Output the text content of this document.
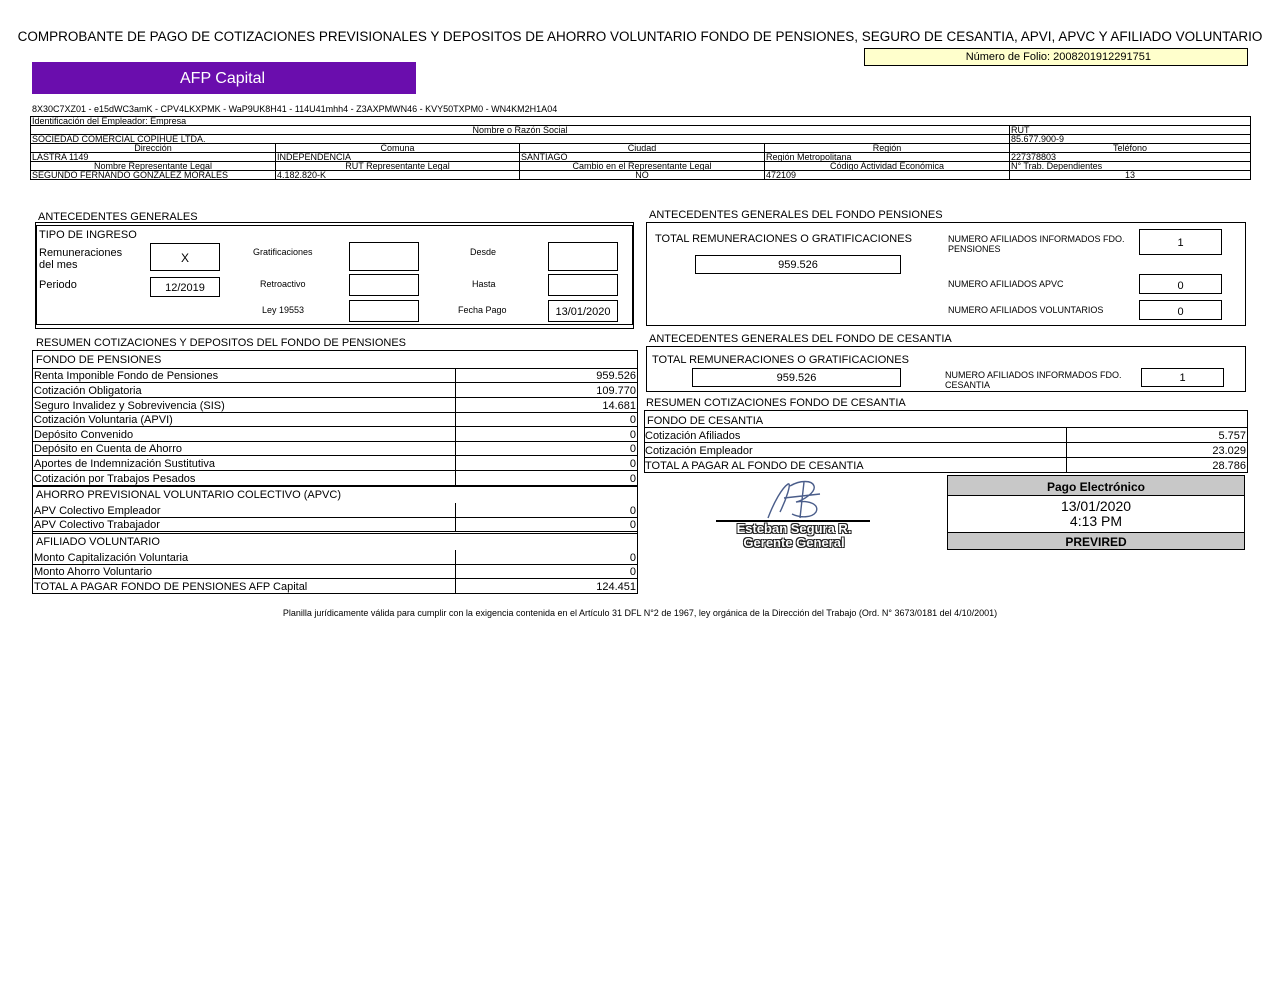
COMPROBANTE DE PAGO DE COTIZACIONES PREVISIONALES Y DEPOSITOS DE AHORRO VOLUNTARIO FONDO DE PENSIONES, SEGURO DE CESANTIA, APVI, APVC Y AFILIADO VOLUNTARIO
Número de Folio: 2008201912291751
AFP Capital
8X30C7XZ01 - e15dWC3amK - CPV4LKXPMK - WaP9UK8H41 - 114U41mhh4 - Z3AXPMWN46 - KVY50TXPM0 - WN4KM2H1A04
Identificación del Empleador: Empresa
Nombre o Razón Social	RUT
SOCIEDAD COMERCIAL COPIHUE LTDA.	85.677.900-9
Dirección	Comuna	Ciudad	Región	Teléfono
LASTRA 1149	INDEPENDENCIA	SANTIAGO	Región Metropolitana	227378803
Nombre Representante Legal	RUT Representante Legal	Cambio en el Representante Legal	Código Actividad Económica	N° Trab. Dependientes
SEGUNDO FERNANDO GONZALEZ MORALES	4.182.820-K	NO	472109	13
ANTECEDENTES GENERALES
TIPO DE INGRESO
Remuneraciones del mes	X	Gratificaciones	Desde
Periodo	12/2019	Retroactivo	Hasta
Ley 19553	Fecha Pago	13/01/2020
ANTECEDENTES GENERALES DEL FONDO PENSIONES
TOTAL REMUNERACIONES O GRATIFICACIONES
959.526
NUMERO AFILIADOS INFORMADOS FDO. PENSIONES	1
NUMERO AFILIADOS APVC	0
NUMERO AFILIADOS VOLUNTARIOS	0
RESUMEN COTIZACIONES Y DEPOSITOS DEL FONDO DE PENSIONES
FONDO DE PENSIONES
Renta Imponible Fondo de Pensiones	959.526
Cotización Obligatoria	109.770
Seguro Invalidez y Sobrevivencia (SIS)	14.681
Cotización Voluntaria (APVI)	0
Depósito Convenido	0
Depósito en Cuenta de Ahorro	0
Aportes de Indemnización Sustitutiva	0
Cotización por Trabajos Pesados	0
APV Colectivo Empleador	0
APV Colectivo Trabajador	0
Monto Capitalización Voluntaria	0
Monto Ahorro Voluntario	0
TOTAL A PAGAR FONDO DE PENSIONES AFP Capital	124.451
AHORRO PREVISIONAL VOLUNTARIO COLECTIVO (APVC)
AFILIADO VOLUNTARIO
ANTECEDENTES GENERALES DEL FONDO DE CESANTIA
TOTAL REMUNERACIONES O GRATIFICACIONES
959.526	NUMERO AFILIADOS INFORMADOS FDO. CESANTIA
1
RESUMEN COTIZACIONES FONDO DE CESANTIA
FONDO DE CESANTIA
Cotización Afiliados	5.757
Cotización Empleador	23.029
TOTAL A PAGAR AL FONDO DE CESANTIA	28.786
Esteban Segura R.
Gerente General
Pago Electrónico
13/01/2020
4:13 PM
PREVIRED
Planilla jurídicamente válida para cumplir con la exigencia contenida en el Artículo 31 DFL N°2 de 1967, ley orgánica de la Dirección del Trabajo (Ord. N° 3673/0181 del 4/10/2001)
